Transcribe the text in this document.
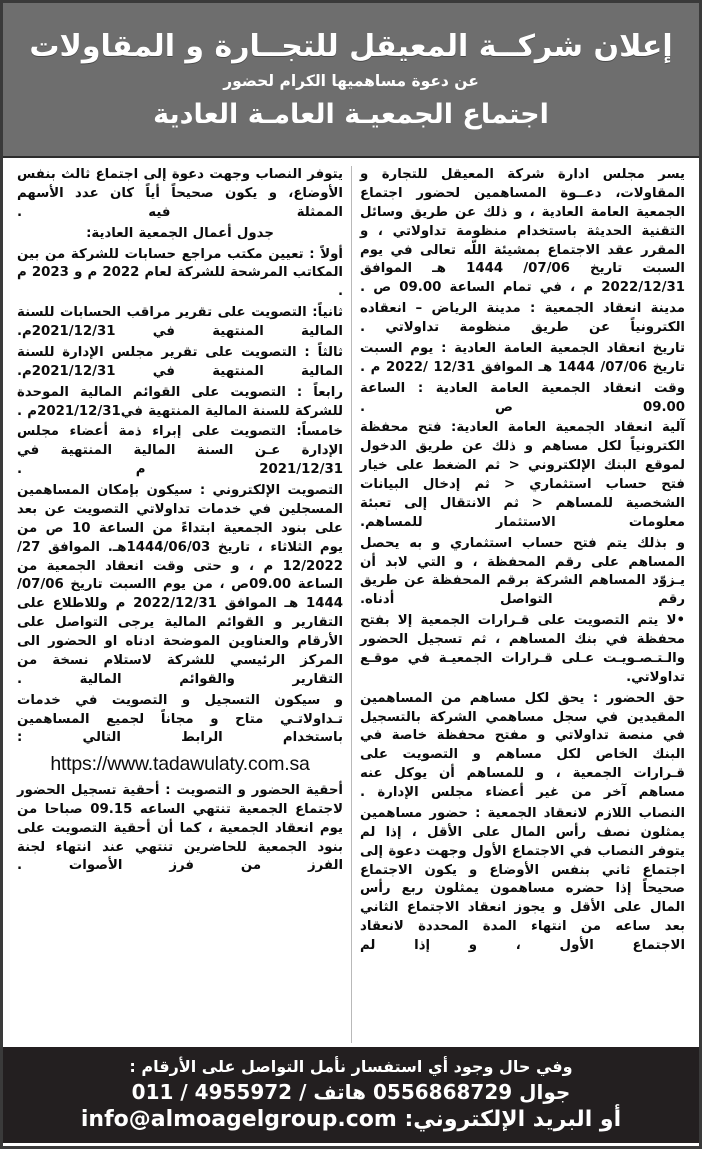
إعلان شركــة المعيقل للتجــارة و المقاولات
عن دعوة مساهميها الكرام لحضور
اجتماع الجمعيـة العامـة العادية

يسر مجلس ادارة شركة المعيقل للتجارة و المقاولات، دعــوة المساهمين لحضور اجتماع الجمعية العامة العادية ، و ذلك عن طريق وسائل التقنية الحديثة باستخدام منظومة تداولاتي ، و المقرر عقد الاجتماع بمشيئة اللّه تعالى في يوم السبت تاريخ 07/06/ 1444 هـ الموافق 2022/12/31 م ، في تمام الساعة 09.00 ص .

مدينة انعقاد الجمعية : مدينة الرياض – انعقاده الكترونياً عن طريق منظومة تداولاتي .

تاريخ انعقاد الجمعية العامة العادية : يوم السبت تاريخ 07/06/ 1444 هـ الموافق 12/31 /2022 م .

وقت انعقاد الجمعية العامة العادية : الساعة 09.00 ص .

آلية انعقاد الجمعية العامة العادية: فتح محفظة الكترونياً لكل مساهم و ذلك عن طريق الدخول لموقع البنك الإلكتروني < ثم الضغط على خيار فتح حساب استثماري < ثم إدخال البيانات الشخصية للمساهم < ثم الانتقال إلى تعبئة معلومات الاستثمار للمساهم.

و بذلك يتم فتح حساب استثماري و به يحصل المساهم على رقم المحفظة ، و التي لابد أن يـزوّد المساهم الشركة برقم المحفظة عن طريق رقم التواصل أدناه.

•لا يتم التصويت على قـرارات الجمعية إلا بفتح محفظة في بنك المساهم ، ثم تسجيل الحضور والـتـصـويـت عـلى قـرارات الجمعيـة في موقـع تداولاتي.

حق الحضور : يحق لكل مساهم من المساهمين المقيدين في سجل مساهمي الشركة بالتسجيل في منصة تداولاتي و مفتح محفظة خاصة في البنك الخاص لكل مساهم و التصويت على قـرارات الجمعية ، و للمساهم أن يوكل عنه مساهم آخر من غير أعضاء مجلس الإدارة .

النصاب اللازم لانعقاد الجمعية : حضور مساهمين يمثلون نصف رأس المال على الأقل ، إذا لم يتوفر النصاب في الاجتماع الأول وجهت دعوة إلى اجتماع ثاني بنفس الأوضاع و يكون الاجتماع صحيحاً إذا حضره مساهمون يمثلون ربع رأس المال على الأقل و يجوز انعقاد الاجتماع الثاني بعد ساعه من انتهاء المدة المحددة لانعقاد الاجتماع الأول ، و إذا لم

يتوفر النصاب وجهت دعوة إلى اجتماع ثالث بنفس الأوضاع، و يكون صحيحاً أياً كان عدد الأسهم الممثلة فيه .

جدول أعمال الجمعية العادية:

أولاً : تعيين مكتب مراجع حسابات للشركة من بين المكاتب المرشحة للشركة لعام 2022 م و 2023 م .

ثانياً: التصويت على تقرير مراقب الحسابات للسنة المالية المنتهية في 2021/12/31م.

ثالثاً : التصويت على تقرير مجلس الإدارة للسنة المالية المنتهية في 2021/12/31م.

رابعاً : التصويت على القوائم المالية الموحدة للشركة للسنة المالية المنتهية في2021/12/31م .

خامساً: التصويت على إبراء ذمة أعضاء مجلس الإدارة عـن السنة المالية المنتهية في 2021/12/31 م .

التصويت الإلكتروني : سيكون بإمكان المساهمين المسجلين في خدمات تداولاتي التصويت عن بعد على بنود الجمعية ابتداءً من الساعة 10 ص من يوم الثلاثاء ، تاريخ 1444/06/03هـ. الموافق 27/ 12/2022 م ، و حتى وقت انعقاد الجمعية من الساعة 09.00ص ، من يوم االسبت تاريخ 07/06/ 1444 هـ الموافق 2022/12/31 م وللاطلاع على التقارير و القوائم المالية يرجى التواصل على الأرقام والعناوين الموضحة ادناه او الحضور الى المركز الرئيسي للشركة لاستلام نسخة من التقارير والقوائم المالية .

و سيكون التسجيل و التصويت في خدمات تـداولاتـي متاح و مجاناً لجميع المساهمين باستخدام الرابط التالي :

https://www.tadawulaty.com.sa

أحقية الحضور و التصويت : أحقية تسجيل الحضور لاجتماع الجمعية تنتهي الساعه 09.15 صباحا من يوم انعقاد الجمعية ، كما أن أحقية التصويت على بنود الجمعية للحاضرين تنتهي عند انتهاء لجنة الفرز من فرز الأصوات .

وفي حال وجود أي استفسار نأمل التواصل على الأرقام :
جوال 0556868729 هاتف / 4955972 / 011
أو البريد الإلكتروني: info@almoagelgroup.com
